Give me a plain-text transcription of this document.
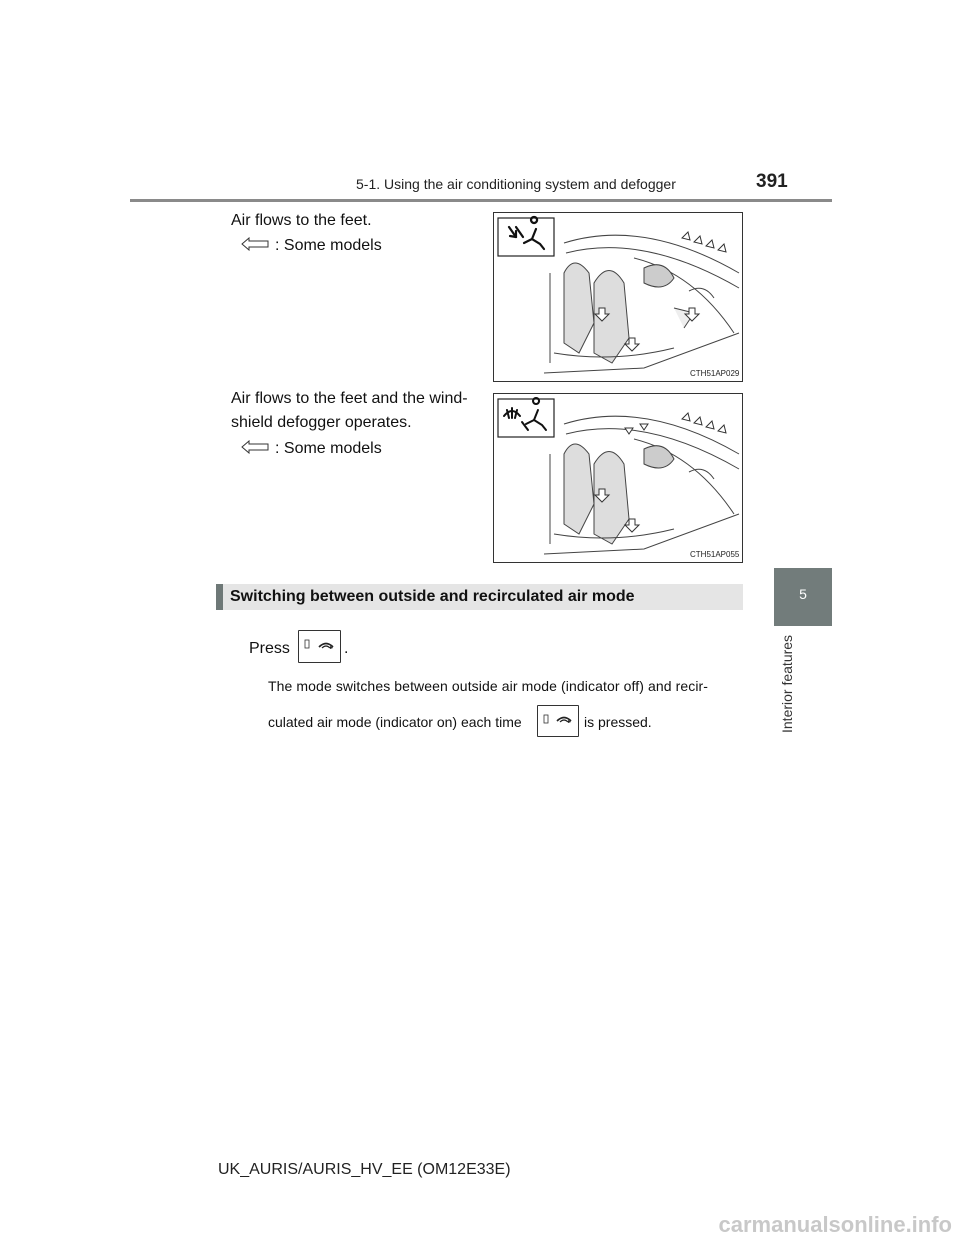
5-1. Using the air conditioning system and defogger	391
5
Interior features
Air flows to the feet.
: Some models
CTH51AP029
Air flows to the feet and the wind-
shield defogger operates.
: Some models
CTH51AP055
Switching between outside and recirculated air mode
Press	.
The mode switches between outside air mode (indicator off) and recir-
culated air mode (indicator on) each time	is pressed.
UK_AURIS/AURIS_HV_EE (OM12E33E)
carmanualsonline.info
